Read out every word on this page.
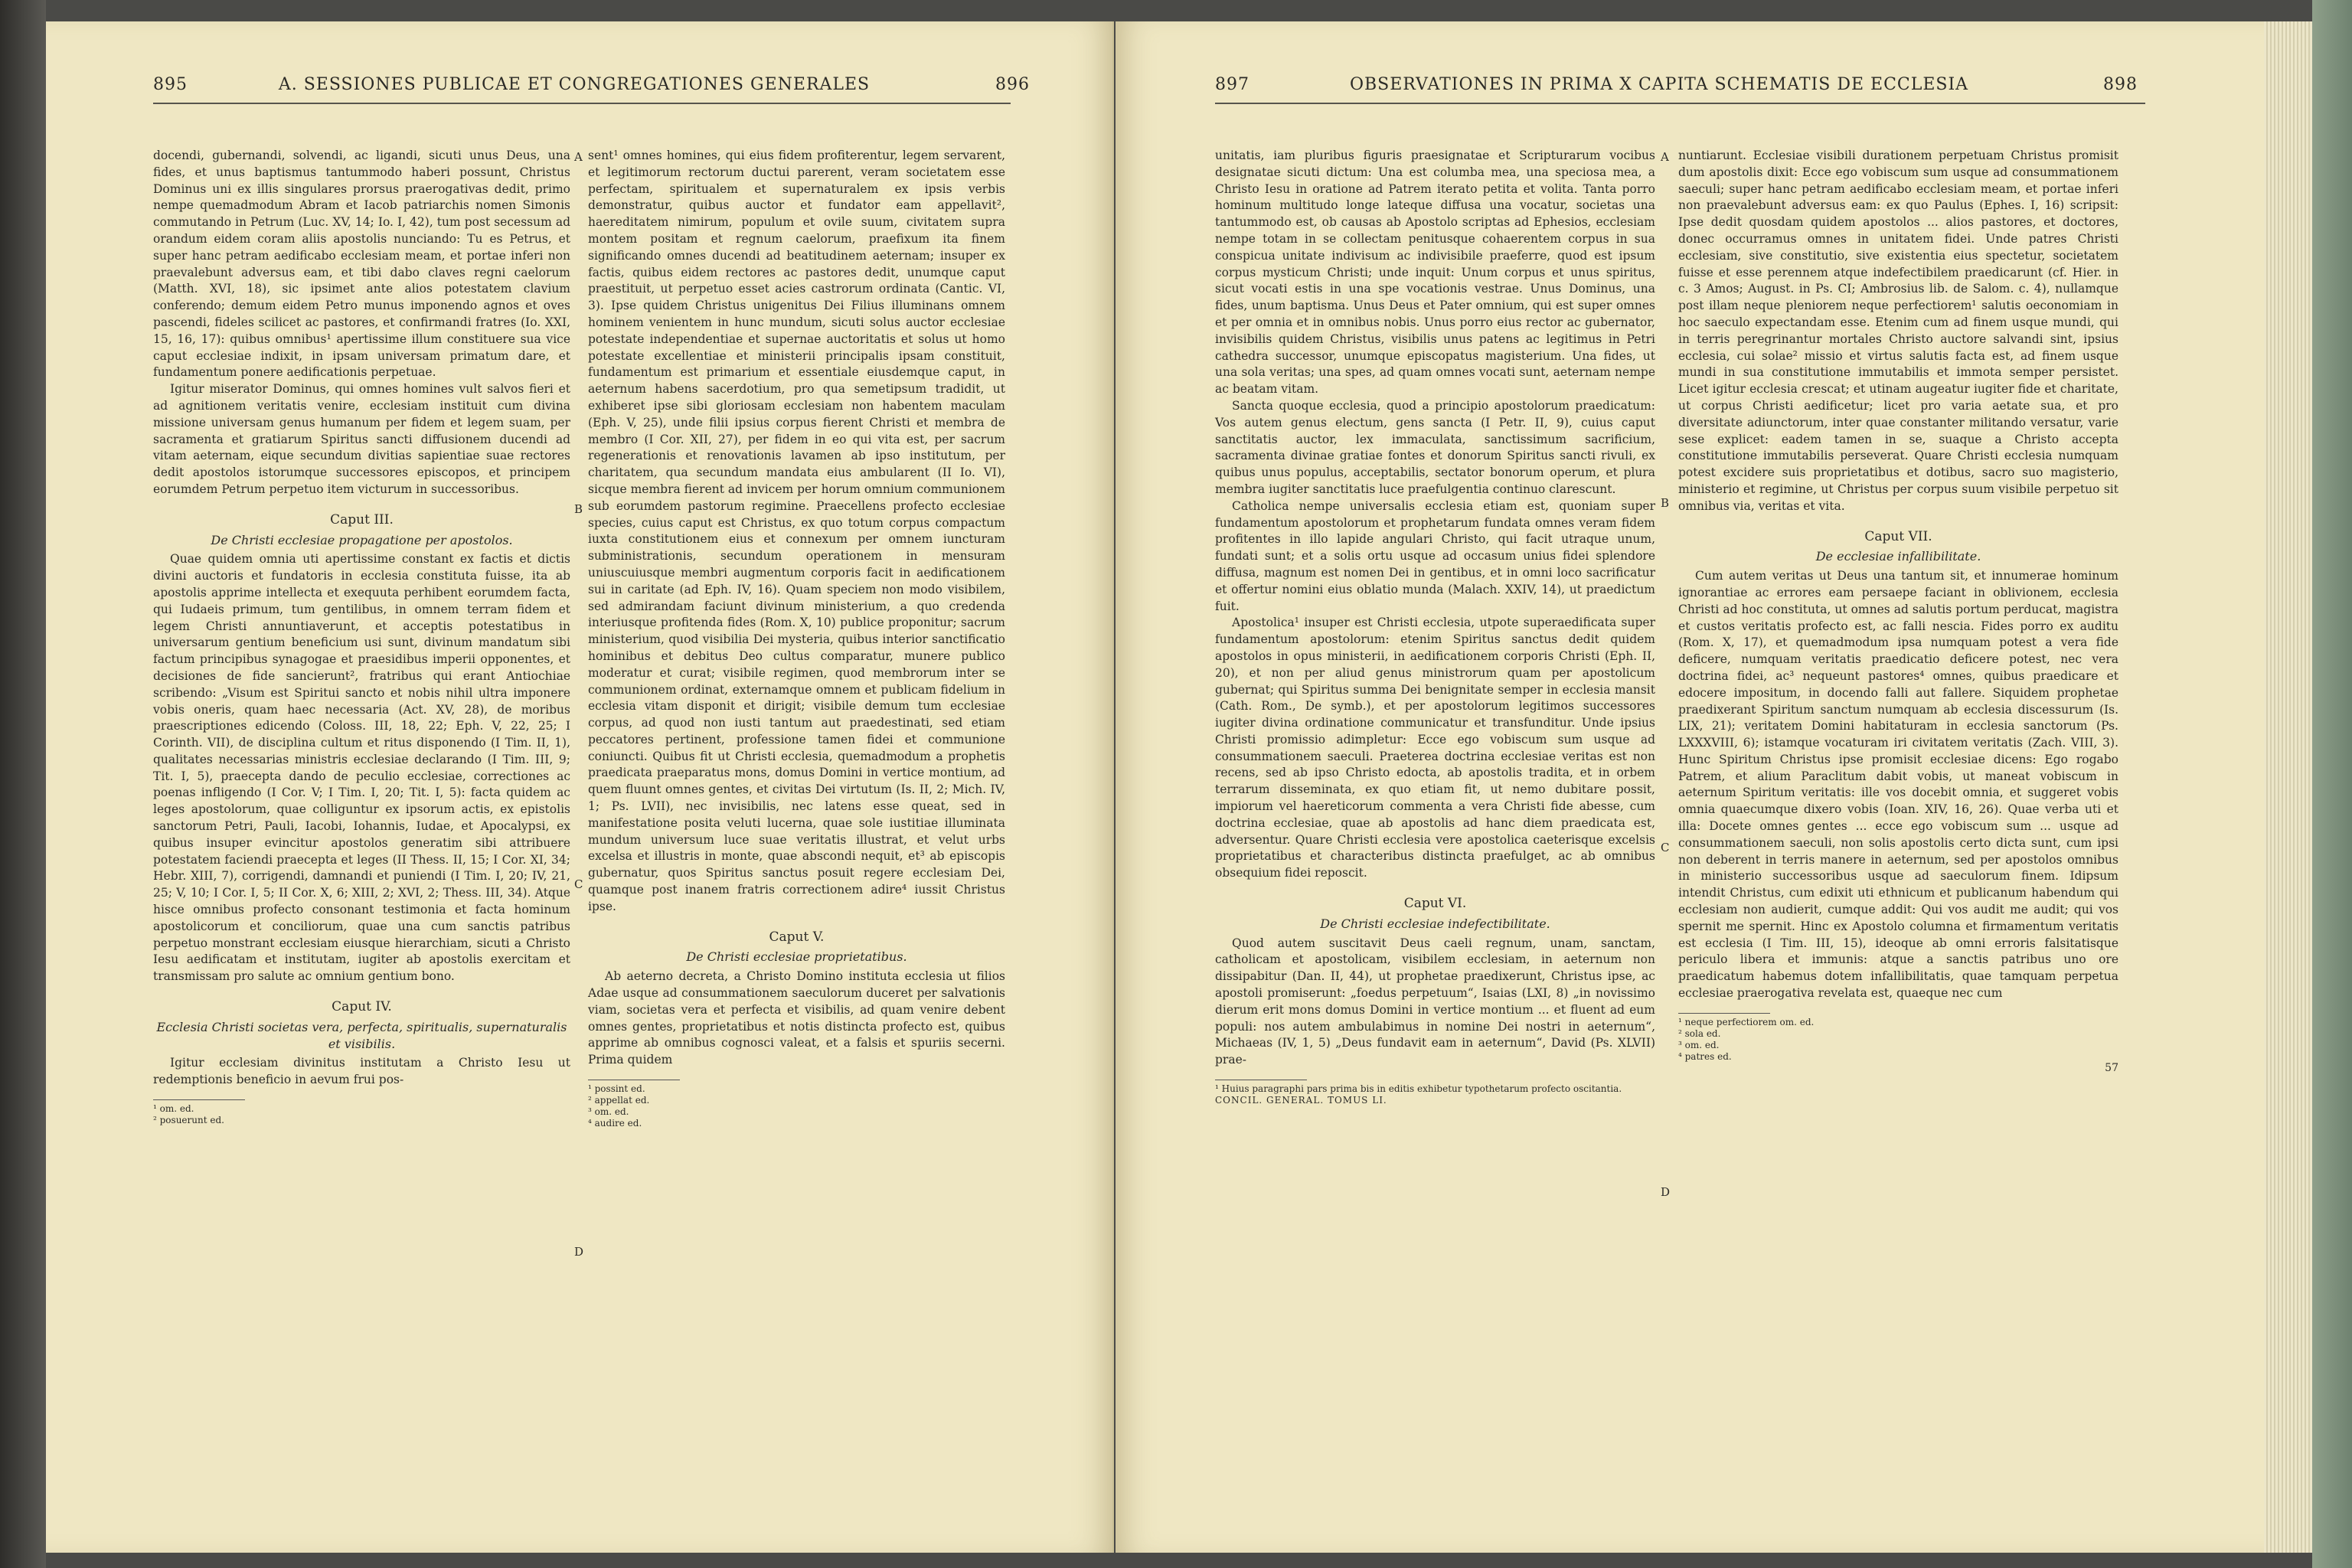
895	A. SESSIONES PUBLICAE ET CONGREGATIONES GENERALES	896

docendi, gubernandi, solvendi, ac ligandi, sicuti unus Deus, una fides, et unus baptismus tantummodo haberi possunt, Christus Dominus uni ex illis singulares prorsus praerogativas dedit, primo nempe quemadmodum Abram et Iacob patriarchis nomen Simonis commutando in Petrum (Luc. XV, 14; Io. I, 42), tum post secessum ad orandum eidem coram aliis apostolis nunciando: Tu es Petrus, et super hanc petram aedificabo ecclesiam meam, et portae inferi non praevalebunt adversus eam, et tibi dabo claves regni caelorum (Matth. XVI, 18), sic ipsimet ante alios potestatem clavium conferendo; demum eidem Petro munus imponendo agnos et oves pascendi, fideles scilicet ac pastores, et confirmandi fratres (Io. XXI, 15, 16, 17): quibus omnibus¹ apertissime illum constituere sua vice caput ecclesiae indixit, in ipsam universam primatum dare, et fundamentum ponere aedificationis perpetuae.

Igitur miserator Dominus, qui omnes homines vult salvos fieri et ad agnitionem veritatis venire, ecclesiam instituit cum divina missione universam genus humanum per fidem et legem suam, per sacramenta et gratiarum Spiritus sancti diffusionem ducendi ad vitam aeternam, eique secundum divitias sapientiae suae rectores dedit apostolos istorumque successores episcopos, et principem eorumdem Petrum perpetuo item victurum in successoribus.

Caput III.
De Christi ecclesiae propagatione per apostolos.

Quae quidem omnia uti apertissime constant ex factis et dictis divini auctoris et fundatoris in ecclesia constituta fuisse, ita ab apostolis apprime intellecta et exequuta perhibent eorumdem facta, qui Iudaeis primum, tum gentilibus, in omnem terram fidem et legem Christi annuntiaverunt, et acceptis potestatibus in universarum gentium beneficium usi sunt, divinum mandatum sibi factum principibus synagogae et praesidibus imperii opponentes, et decisiones de fide sancierunt², fratribus qui erant Antiochiae scribendo: „Visum est Spiritui sancto et nobis nihil ultra imponere vobis oneris, quam haec necessaria (Act. XV, 28), de moribus praescriptiones edicendo (Coloss. III, 18, 22; Eph. V, 22, 25; I Corinth. VII), de disciplina cultum et ritus disponendo (I Tim. II, 1), qualitates necessarias ministris ecclesiae declarando (I Tim. III, 9; Tit. I, 5), praecepta dando de peculio ecclesiae, correctiones ac poenas infligendo (I Cor. V; I Tim. I, 20; Tit. I, 5): facta quidem ac leges apostolorum, quae colliguntur ex ipsorum actis, ex epistolis sanctorum Petri, Pauli, Iacobi, Iohannis, Iudae, et Apocalypsi, ex quibus insuper evincitur apostolos generatim sibi attribuere potestatem faciendi praecepta et leges (II Thess. II, 15; I Cor. XI, 34; Hebr. XIII, 7), corrigendi, damnandi et puniendi (I Tim. I, 20; IV, 21, 25; V, 10; I Cor. I, 5; II Cor. X, 6; XIII, 2; XVI, 2; Thess. III, 34). Atque hisce omnibus profecto consonant testimonia et facta hominum apostolicorum et conciliorum, quae una cum sanctis patribus perpetuo monstrant ecclesiam eiusque hierarchiam, sicuti a Christo Iesu aedificatam et institutam, iugiter ab apostolis exercitam et transmissam pro salute ac omnium gentium bono.

Caput IV.
Ecclesia Christi societas vera, perfecta, spiritualis, supernaturalis et visibilis.

Igitur ecclesiam divinitus institutam a Christo Iesu ut redemptionis beneficio in aevum frui pos-

¹ om. ed.

² posuerunt ed.

A
B
C
D

sent¹ omnes homines, qui eius fidem profiterentur, legem servarent, et legitimorum rectorum ductui parerent, veram societatem esse perfectam, spiritualem et supernaturalem ex ipsis verbis demonstratur, quibus auctor et fundator eam appellavit², haereditatem nimirum, populum et ovile suum, civitatem supra montem positam et regnum caelorum, praefixum ita finem significando omnes ducendi ad beatitudinem aeternam; insuper ex factis, quibus eidem rectores ac pastores dedit, unumque caput praestituit, ut perpetuo esset acies castrorum ordinata (Cantic. VI, 3). Ipse quidem Christus unigenitus Dei Filius illuminans omnem hominem venientem in hunc mundum, sicuti solus auctor ecclesiae potestate independentiae et supernae auctoritatis et solus ut homo potestate excellentiae et ministerii principalis ipsam constituit, fundamentum est primarium et essentiale eiusdemque caput, in aeternum habens sacerdotium, pro qua semetipsum tradidit, ut exhiberet ipse sibi gloriosam ecclesiam non habentem maculam (Eph. V, 25), unde filii ipsius corpus fierent Christi et membra de membro (I Cor. XII, 27), per fidem in eo qui vita est, per sacrum regenerationis et renovationis lavamen ab ipso institutum, per charitatem, qua secundum mandata eius ambularent (II Io. VI), sicque membra fierent ad invicem per horum omnium communionem sub eorumdem pastorum regimine. Praecellens profecto ecclesiae species, cuius caput est Christus, ex quo totum corpus compactum iuxta constitutionem eius et connexum per omnem iuncturam subministrationis, secundum operationem in mensuram uniuscuiusque membri augmentum corporis facit in aedificationem sui in caritate (ad Eph. IV, 16). Quam speciem non modo visibilem, sed admirandam faciunt divinum ministerium, a quo credenda interiusque profitenda fides (Rom. X, 10) publice proponitur; sacrum ministerium, quod visibilia Dei mysteria, quibus interior sanctificatio hominibus et debitus Deo cultus comparatur, munere publico moderatur et curat; visibile regimen, quod membrorum inter se communionem ordinat, externamque omnem et publicam fidelium in ecclesia vitam disponit et dirigit; visibile demum tum ecclesiae corpus, ad quod non iusti tantum aut praedestinati, sed etiam peccatores pertinent, professione tamen fidei et communione coniuncti. Quibus fit ut Christi ecclesia, quemadmodum a prophetis praedicata praeparatus mons, domus Domini in vertice montium, ad quem fluunt omnes gentes, et civitas Dei virtutum (Is. II, 2; Mich. IV, 1; Ps. LVII), nec invisibilis, nec latens esse queat, sed in manifestatione posita veluti lucerna, quae sole iustitiae illuminata mundum universum luce suae veritatis illustrat, et velut urbs excelsa et illustris in monte, quae abscondi nequit, et³ ab episcopis gubernatur, quos Spiritus sanctus posuit regere ecclesiam Dei, quamque post inanem fratris correctionem adire⁴ iussit Christus ipse.

Caput V.
De Christi ecclesiae proprietatibus.

Ab aeterno decreta, a Christo Domino instituta ecclesia ut filios Adae usque ad consummationem saeculorum duceret per salvationis viam, societas vera et perfecta et visibilis, ad quam venire debent omnes gentes, proprietatibus et notis distincta profecto est, quibus apprime ab omnibus cognosci valeat, et a falsis et spuriis secerni. Prima quidem

¹ possint ed.

² appellat ed.

³ om. ed.

⁴ audire ed.

897	OBSERVATIONES IN PRIMA X CAPITA SCHEMATIS DE ECCLESIA	898

unitatis, iam pluribus figuris praesignatae et Scripturarum vocibus designatae sicuti dictum: Una est columba mea, una speciosa mea, a Christo Iesu in oratione ad Patrem iterato petita et volita. Tanta porro hominum multitudo longe lateque diffusa una vocatur, societas una tantummodo est, ob causas ab Apostolo scriptas ad Ephesios, ecclesiam nempe totam in se collectam penitusque cohaerentem corpus in sua conspicua unitate indivisum ac indivisibile praeferre, quod est ipsum corpus mysticum Christi; unde inquit: Unum corpus et unus spiritus, sicut vocati estis in una spe vocationis vestrae. Unus Dominus, una fides, unum baptisma. Unus Deus et Pater omnium, qui est super omnes et per omnia et in omnibus nobis. Unus porro eius rector ac gubernator, invisibilis quidem Christus, visibilis unus patens ac legitimus in Petri cathedra successor, unumque episcopatus magisterium. Una fides, ut una sola veritas; una spes, ad quam omnes vocati sunt, aeternam nempe ac beatam vitam.

Sancta quoque ecclesia, quod a principio apostolorum praedicatum: Vos autem genus electum, gens sancta (I Petr. II, 9), cuius caput sanctitatis auctor, lex immaculata, sanctissimum sacrificium, sacramenta divinae gratiae fontes et donorum Spiritus sancti rivuli, ex quibus unus populus, acceptabilis, sectator bonorum operum, et plura membra iugiter sanctitatis luce praefulgentia continuo clarescunt.

Catholica nempe universalis ecclesia etiam est, quoniam super fundamentum apostolorum et prophetarum fundata omnes veram fidem profitentes in illo lapide angulari Christo, qui facit utraque unum, fundati sunt; et a solis ortu usque ad occasum unius fidei splendore diffusa, magnum est nomen Dei in gentibus, et in omni loco sacrificatur et offertur nomini eius oblatio munda (Malach. XXIV, 14), ut praedictum fuit.

Apostolica¹ insuper est Christi ecclesia, utpote superaedificata super fundamentum apostolorum: etenim Spiritus sanctus dedit quidem apostolos in opus ministerii, in aedificationem corporis Christi (Eph. II, 20), et non per aliud genus ministrorum quam per apostolicum gubernat; qui Spiritus summa Dei benignitate semper in ecclesia mansit (Cath. Rom., De symb.), et per apostolorum legitimos successores iugiter divina ordinatione communicatur et transfunditur. Unde ipsius Christi promissio adimpletur: Ecce ego vobiscum sum usque ad consummationem saeculi. Praeterea doctrina ecclesiae veritas est non recens, sed ab ipso Christo edocta, ab apostolis tradita, et in orbem terrarum disseminata, ex quo etiam fit, ut nemo dubitare possit, impiorum vel haereticorum commenta a vera Christi fide abesse, cum doctrina ecclesiae, quae ab apostolis ad hanc diem praedicata est, adversentur. Quare Christi ecclesia vere apostolica caeterisque excelsis proprietatibus et characteribus distincta praefulget, ac ab omnibus obsequium fidei reposcit.

Caput VI.
De Christi ecclesiae indefectibilitate.

Quod autem suscitavit Deus caeli regnum, unam, sanctam, catholicam et apostolicam, visibilem ecclesiam, in aeternum non dissipabitur (Dan. II, 44), ut prophetae praedixerunt, Christus ipse, ac apostoli promiserunt: „foedus perpetuum“, Isaias (LXI, 8) „in novissimo dierum erit mons domus Domini in vertice montium ... et fluent ad eum populi: nos autem ambulabimus in nomine Dei nostri in aeternum“, Michaeas (IV, 1, 5) „Deus fundavit eam in aeternum“, David (Ps. XLVII) prae-

¹ Huius paragraphi pars prima bis in editis exhibetur typothetarum profecto oscitantia.

CONCIL. GENERAL. TOMUS LI.

A
B
C
D

nuntiarunt. Ecclesiae visibili durationem perpetuam Christus promisit dum apostolis dixit: Ecce ego vobiscum sum usque ad consummationem saeculi; super hanc petram aedificabo ecclesiam meam, et portae inferi non praevalebunt adversus eam: ex quo Paulus (Ephes. I, 16) scripsit: Ipse dedit quosdam quidem apostolos ... alios pastores, et doctores, donec occurramus omnes in unitatem fidei. Unde patres Christi ecclesiam, sive constitutio, sive existentia eius spectetur, societatem fuisse et esse perennem atque indefectibilem praedicarunt (cf. Hier. in c. 3 Amos; August. in Ps. CI; Ambrosius lib. de Salom. c. 4), nullamque post illam neque pleniorem neque perfectiorem¹ salutis oeconomiam in hoc saeculo expectandam esse. Etenim cum ad finem usque mundi, qui in terris peregrinantur mortales Christo auctore salvandi sint, ipsius ecclesia, cui solae² missio et virtus salutis facta est, ad finem usque mundi in sua constitutione immutabilis et immota semper persistet. Licet igitur ecclesia crescat; et utinam augeatur iugiter fide et charitate, ut corpus Christi aedificetur; licet pro varia aetate sua, et pro diversitate adiunctorum, inter quae constanter militando versatur, varie sese explicet: eadem tamen in se, suaque a Christo accepta constitutione immutabilis perseverat. Quare Christi ecclesia numquam potest excidere suis proprietatibus et dotibus, sacro suo magisterio, ministerio et regimine, ut Christus per corpus suum visibile perpetuo sit omnibus via, veritas et vita.

Caput VII.
De ecclesiae infallibilitate.

Cum autem veritas ut Deus una tantum sit, et innumerae hominum ignorantiae ac errores eam persaepe faciant in oblivionem, ecclesia Christi ad hoc constituta, ut omnes ad salutis portum perducat, magistra et custos veritatis profecto est, ac falli nescia. Fides porro ex auditu (Rom. X, 17), et quemadmodum ipsa numquam potest a vera fide deficere, numquam veritatis praedicatio deficere potest, nec vera doctrina fidei, ac³ nequeunt pastores⁴ omnes, quibus praedicare et edocere impositum, in docendo falli aut fallere. Siquidem prophetae praedixerant Spiritum sanctum numquam ab ecclesia discessurum (Is. LIX, 21); veritatem Domini habitaturam in ecclesia sanctorum (Ps. LXXXVIII, 6); istamque vocaturam iri civitatem veritatis (Zach. VIII, 3). Hunc Spiritum Christus ipse promisit ecclesiae dicens: Ego rogabo Patrem, et alium Paraclitum dabit vobis, ut maneat vobiscum in aeternum Spiritum veritatis: ille vos docebit omnia, et suggeret vobis omnia quaecumque dixero vobis (Ioan. XIV, 16, 26). Quae verba uti et illa: Docete omnes gentes ... ecce ego vobiscum sum ... usque ad consummationem saeculi, non solis apostolis certo dicta sunt, cum ipsi non deberent in terris manere in aeternum, sed per apostolos omnibus in ministerio successoribus usque ad saeculorum finem. Idipsum intendit Christus, cum edixit uti ethnicum et publicanum habendum qui ecclesiam non audierit, cumque addit: Qui vos audit me audit; qui vos spernit me spernit. Hinc ex Apostolo columna et firmamentum veritatis est ecclesia (I Tim. III, 15), ideoque ab omni erroris falsitatisque periculo libera et immunis: atque a sanctis patribus uno ore praedicatum habemus dotem infallibilitatis, quae tamquam perpetua ecclesiae praerogativa revelata est, quaeque nec cum

¹ neque perfectiorem om. ed.

² sola ed.

³ om. ed.

⁴ patres ed.

57
